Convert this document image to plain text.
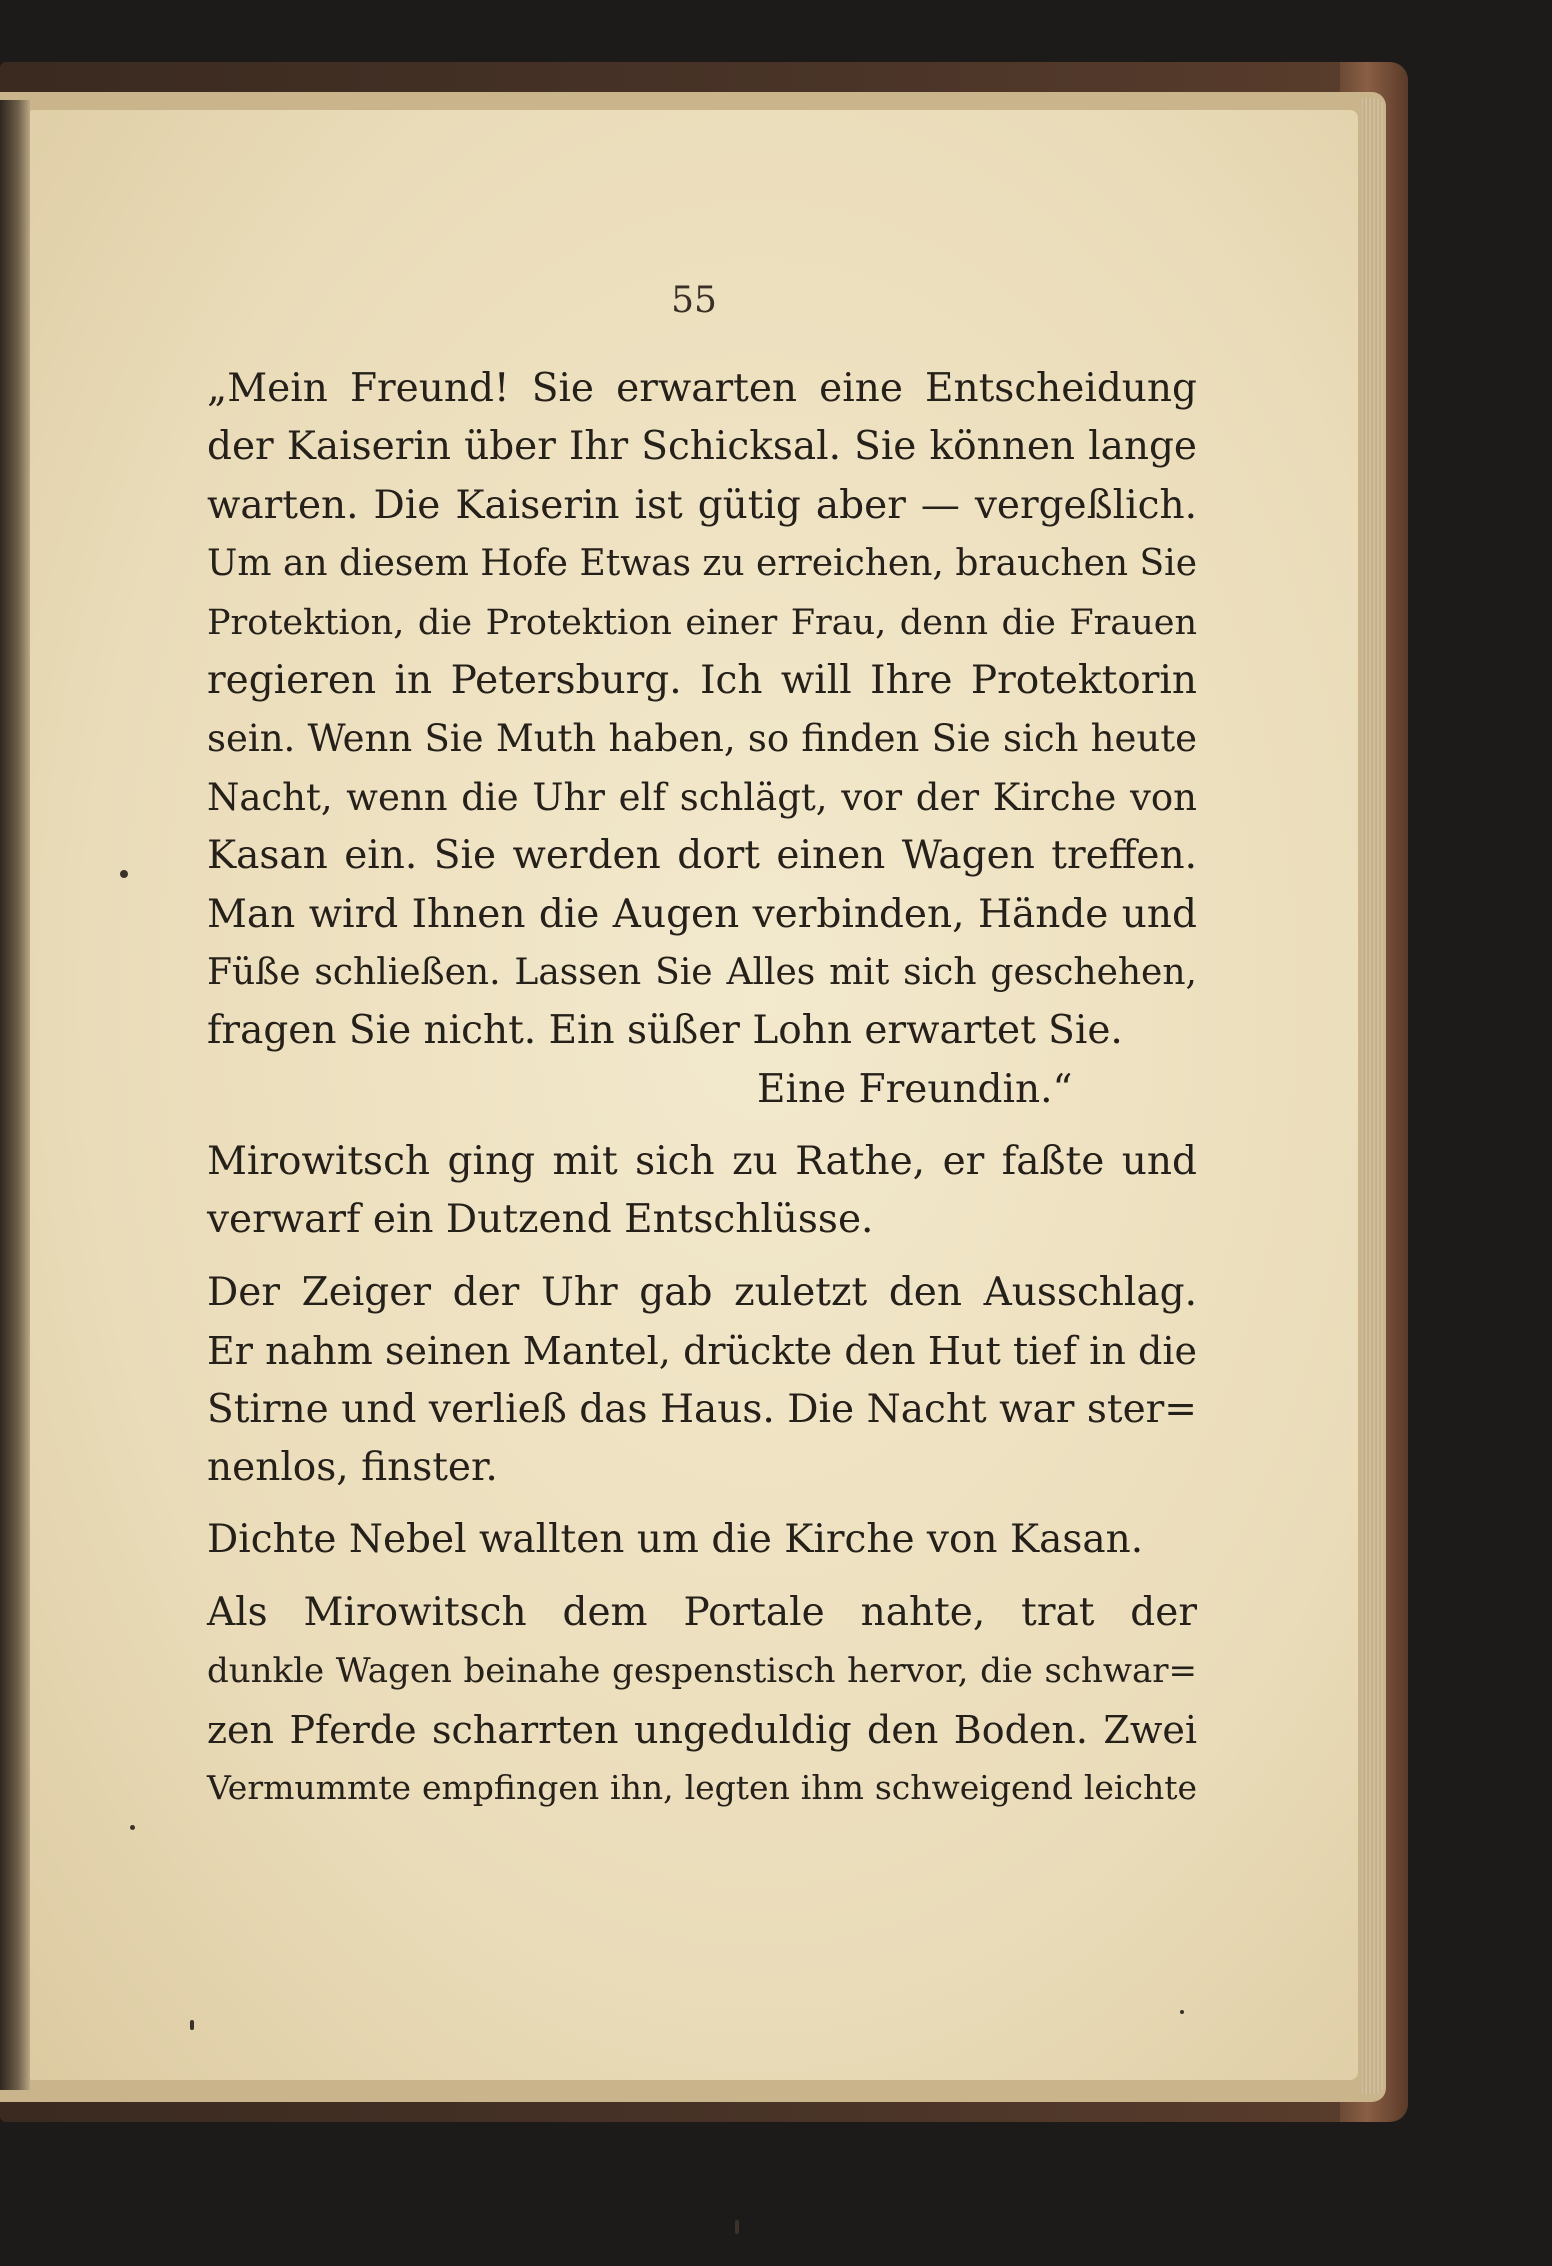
55
„Mein Freund! Sie erwarten eine Entscheidung
der Kaiserin über Ihr Schicksal. Sie können lange
warten. Die Kaiserin ist gütig aber — vergeßlich.
Um an diesem Hofe Etwas zu erreichen, brauchen Sie
Protektion, die Protektion einer Frau, denn die Frauen
regieren in Petersburg. Ich will Ihre Protektorin
sein. Wenn Sie Muth haben, so finden Sie sich heute
Nacht, wenn die Uhr elf schlägt, vor der Kirche von
Kasan ein. Sie werden dort einen Wagen treffen.
Man wird Ihnen die Augen verbinden, Hände und
Füße schließen. Lassen Sie Alles mit sich geschehen,
fragen Sie nicht. Ein süßer Lohn erwartet Sie.
Eine Freundin.“
Mirowitsch ging mit sich zu Rathe, er faßte und
verwarf ein Dutzend Entschlüsse.
Der Zeiger der Uhr gab zuletzt den Ausschlag.
Er nahm seinen Mantel, drückte den Hut tief in die
Stirne und verließ das Haus. Die Nacht war ster=
nenlos, finster.
Dichte Nebel wallten um die Kirche von Kasan.
Als Mirowitsch dem Portale nahte, trat der
dunkle Wagen beinahe gespenstisch hervor, die schwar=
zen Pferde scharrten ungeduldig den Boden. Zwei
Vermummte empfingen ihn, legten ihm schweigend leichte
